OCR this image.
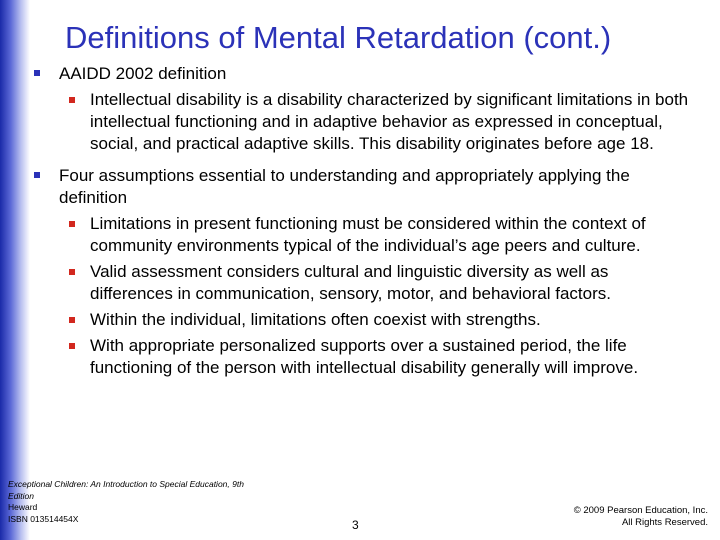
Definitions of Mental Retardation (cont.)
AAIDD 2002 definition
Intellectual disability is a disability characterized by significant limitations in both intellectual functioning and in adaptive behavior as expressed in conceptual, social, and practical adaptive skills. This disability originates before age 18.
Four assumptions essential to understanding and appropriately applying the definition
Limitations in present functioning must be considered within the context of community environments typical of the individual’s age peers and culture.
Valid assessment considers cultural and linguistic diversity as well as differences in communication, sensory, motor, and behavioral factors.
Within the individual, limitations often coexist with strengths.
With appropriate personalized supports over a sustained period, the life functioning of the person with intellectual disability generally will improve.
Exceptional Children: An Introduction to Special Education, 9th Edition
Heward
ISBN 013514454X	3
© 2009 Pearson Education, Inc.
All Rights Reserved.
